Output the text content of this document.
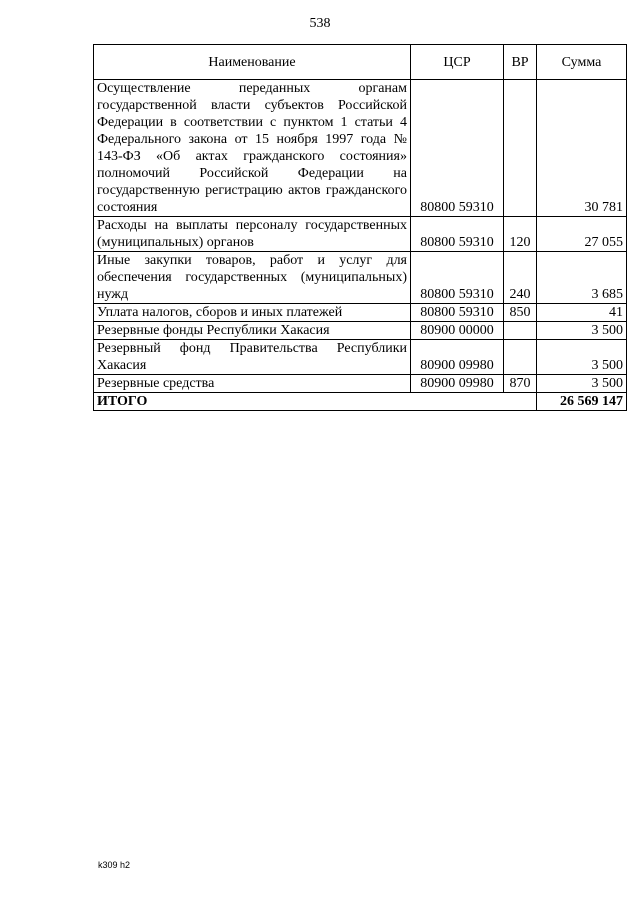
538
Наименование	ЦСР	ВР	Сумма
Осуществление переданных органам государственной власти субъектов Российской Федерации в соответствии с пунктом 1 статьи 4 Федерального закона от 15 ноября 1997 года № 143-ФЗ «Об актах гражданского состояния» полномочий Российской Федерации на государственную регистрацию актов гражданского состояния	80800 59310		30 781
Расходы на выплаты персоналу государственных (муниципальных) органов	80800 59310	120	27 055
Иные закупки товаров, работ и услуг для обеспечения государственных (муниципальных) нужд	80800 59310	240	3 685
Уплата налогов, сборов и иных платежей	80800 59310	850	41
Резервные фонды Республики Хакасия	80900 00000		3 500
Резервный фонд Правительства Республики Хакасия	80900 09980		3 500
Резервные средства	80900 09980	870	3 500
ИТОГО			26 569 147
k309 h2
